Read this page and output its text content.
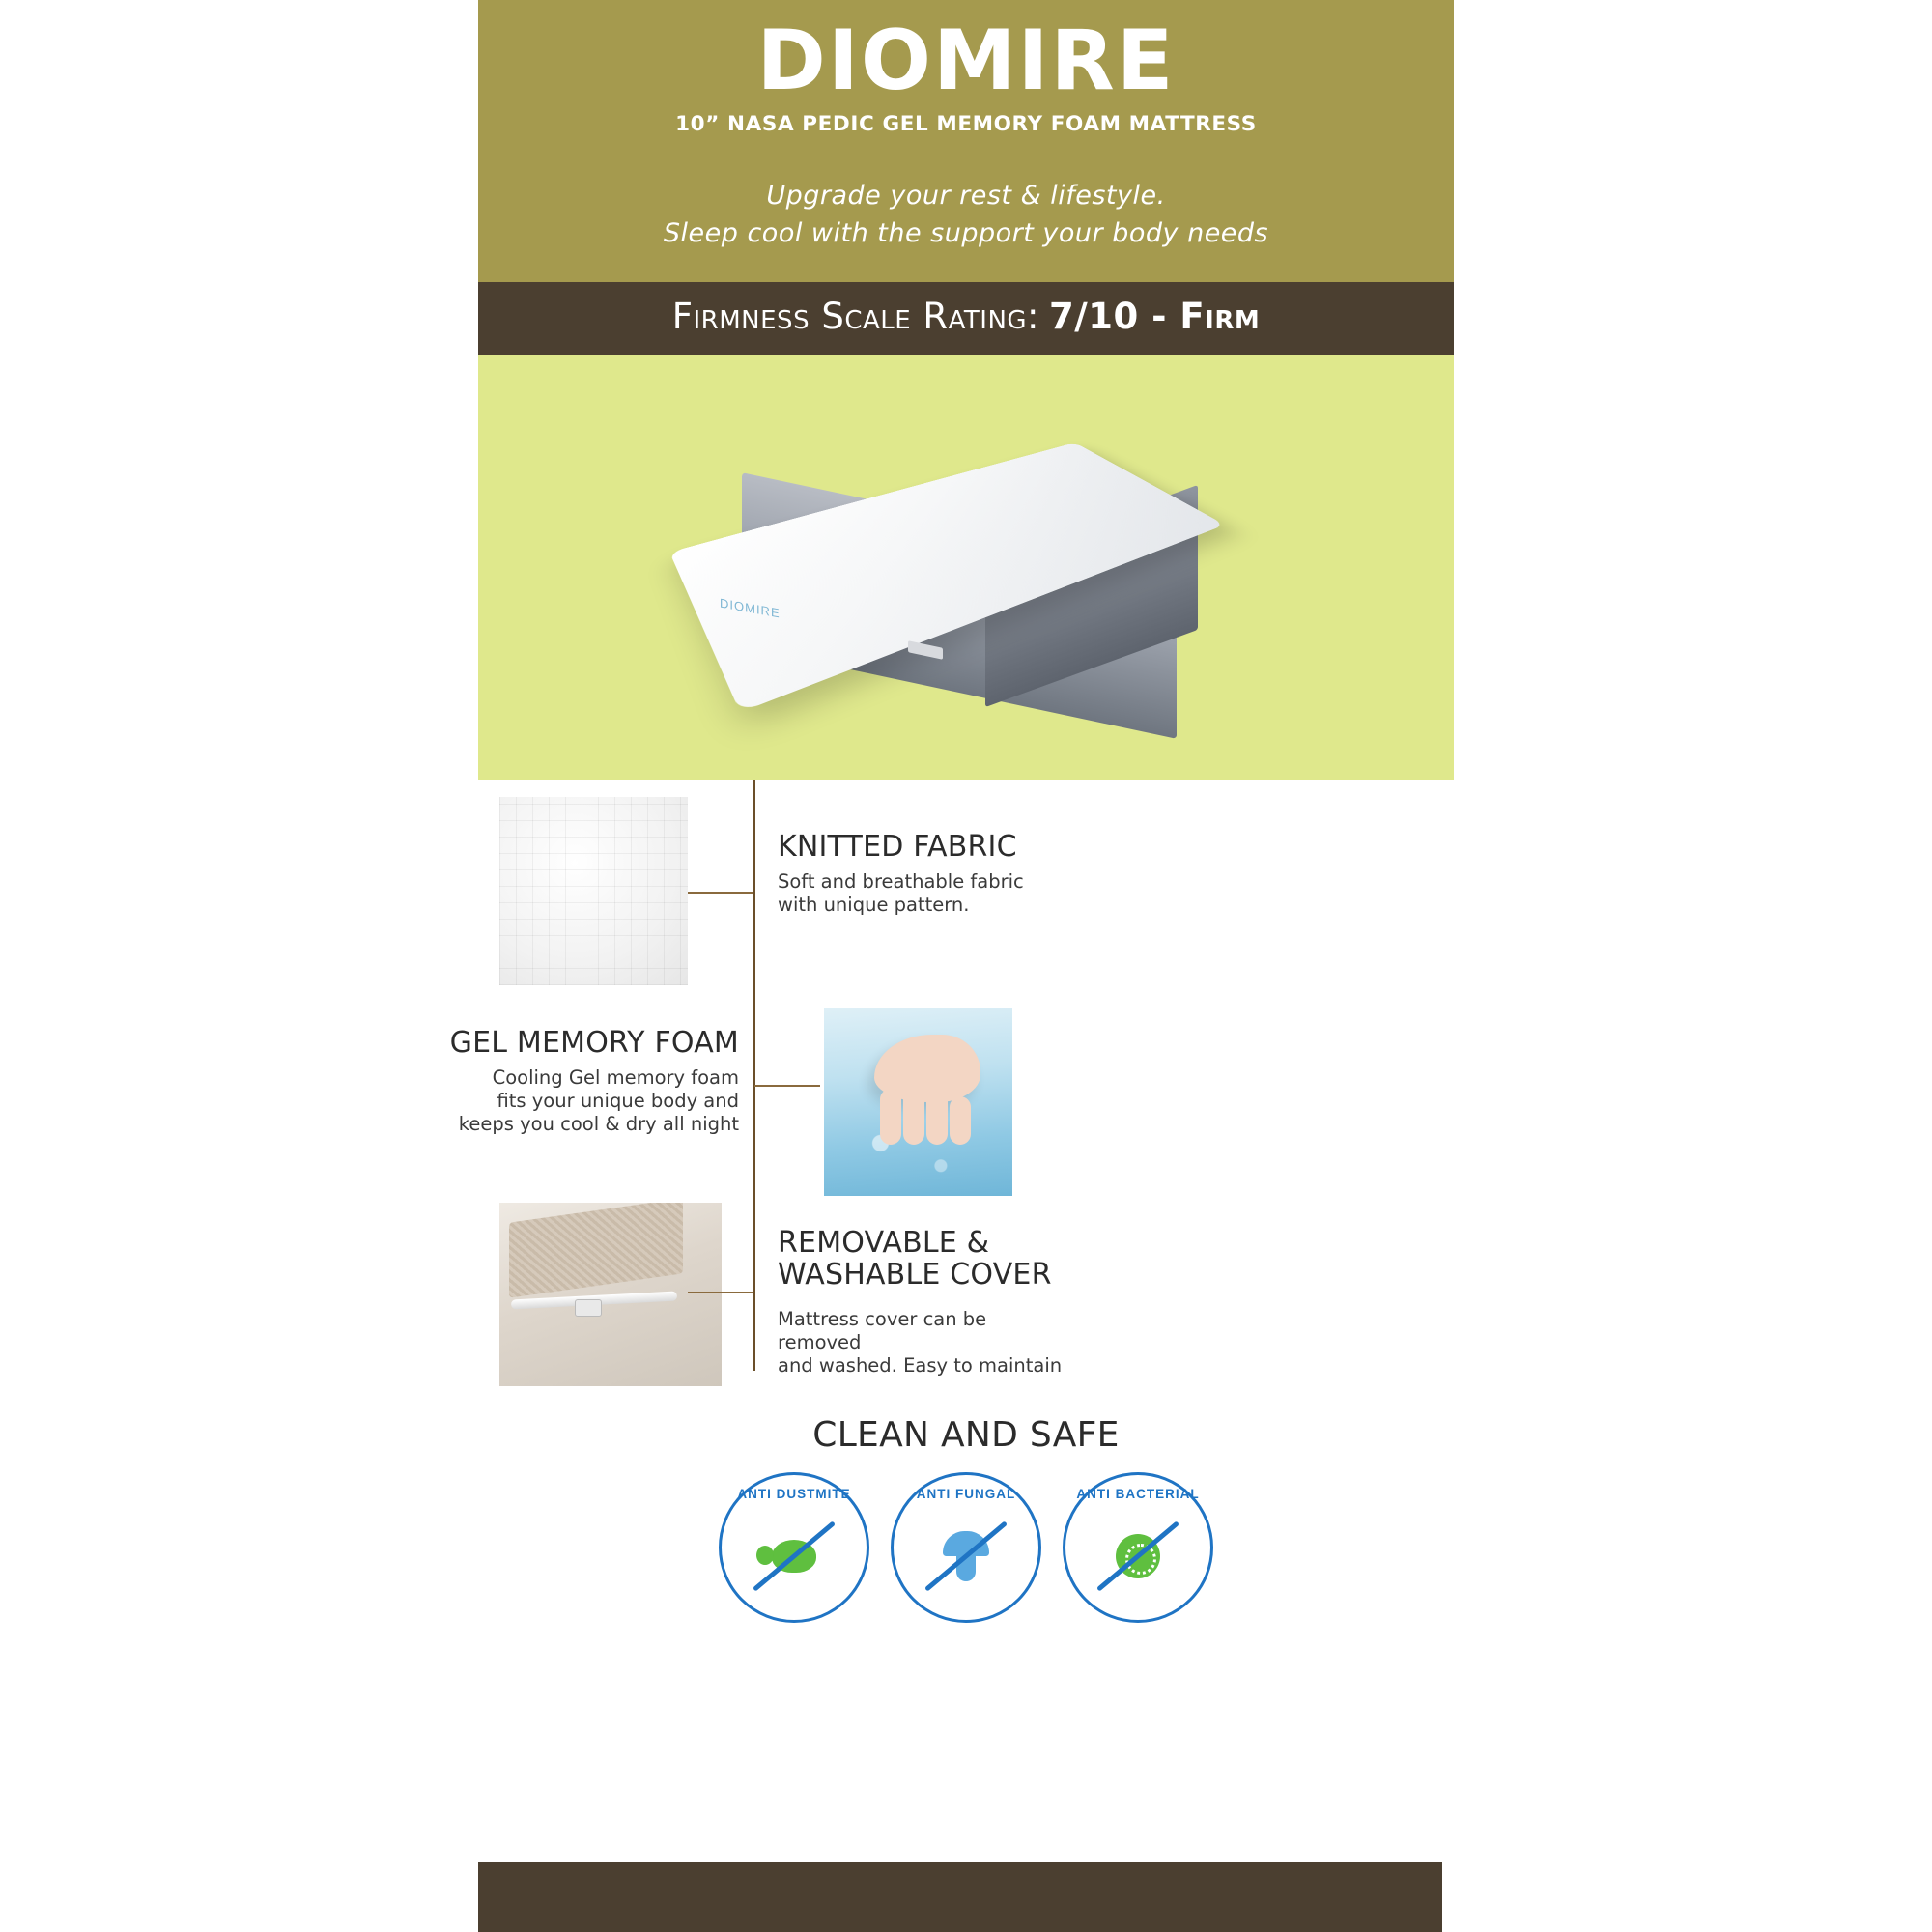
DIOMIRE
10” NASA PEDIC GEL MEMORY FOAM MATTRESS
Upgrade your rest & lifestyle.
Sleep cool with the support your body needs
Firmness Scale Rating: 7/10 - Firm
DIOMIRE
KNITTED FABRIC
Soft and breathable fabric
with unique pattern.
GEL MEMORY FOAM
Cooling Gel memory foam
fits your unique body and
keeps you cool & dry all night
REMOVABLE &
WASHABLE COVER
Mattress cover can be removed
and washed. Easy to maintain
CLEAN AND SAFE
ANTI DUSTMITE	ANTI FUNGAL	ANTI BACTERIAL
